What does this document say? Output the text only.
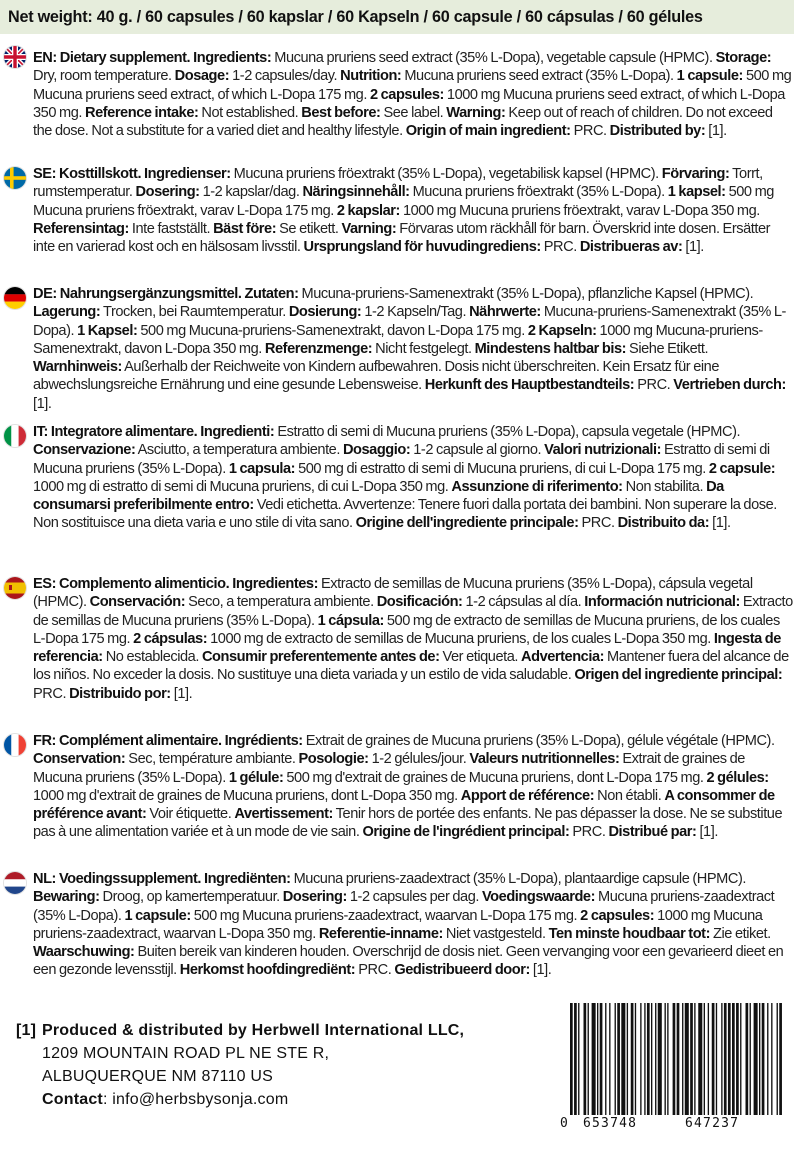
Net weight: 40 g. / 60 capsules / 60 kapslar / 60 Kapseln / 60 capsule / 60 cápsulas / 60 gélules

EN: Dietary supplement. Ingredients: Mucuna pruriens seed extract (35% L-Dopa), vegetable capsule (HPMC). Storage: Dry, room temperature. Dosage: 1-2 capsules/day. Nutrition: Mucuna pruriens seed extract (35% L-Dopa). 1 capsule: 500 mg Mucuna pruriens seed extract, of which L-Dopa 175 mg. 2 capsules: 1000 mg Mucuna pruriens seed extract, of which L-Dopa 350 mg. Reference intake: Not established. Best before: See label. Warning: Keep out of reach of children. Do not exceed the dose. Not a substitute for a varied diet and healthy lifestyle. Origin of main ingredient: PRC. Distributed by: [1].

SE: Kosttillskott. Ingredienser: Mucuna pruriens fröextrakt (35% L-Dopa), vegetabilisk kapsel (HPMC). Förvaring: Torrt, rumstemperatur. Dosering: 1-2 kapslar/dag. Näringsinnehåll: Mucuna pruriens fröextrakt (35% L-Dopa). 1 kapsel: 500 mg Mucuna pruriens fröextrakt, varav L-Dopa 175 mg. 2 kapslar: 1000 mg Mucuna pruriens fröextrakt, varav L-Dopa 350 mg. Referensintag: Inte fastställt. Bäst före: Se etikett. Varning: Förvaras utom räckhåll för barn. Överskrid inte dosen. Ersätter inte en varierad kost och en hälsosam livsstil. Ursprungsland för huvudingrediens: PRC. Distribueras av: [1].

DE: Nahrungsergänzungsmittel. Zutaten: Mucuna-pruriens-Samenextrakt (35% L-Dopa), pflanzliche Kapsel (HPMC). Lagerung: Trocken, bei Raumtemperatur. Dosierung: 1-2 Kapseln/Tag. Nährwerte: Mucuna-pruriens-Samenextrakt (35% L-Dopa). 1 Kapsel: 500 mg Mucuna-pruriens-Samenextrakt, davon L-Dopa 175 mg. 2 Kapseln: 1000 mg Mucuna-pruriens-Samenextrakt, davon L-Dopa 350 mg. Referenzmenge: Nicht festgelegt. Mindestens haltbar bis: Siehe Etikett. Warnhinweis: Außerhalb der Reichweite von Kindern aufbewahren. Dosis nicht überschreiten. Kein Ersatz für eine abwechslungsreiche Ernährung und eine gesunde Lebensweise. Herkunft des Hauptbestandteils: PRC. Vertrieben durch: [1].

IT: Integratore alimentare. Ingredienti: Estratto di semi di Mucuna pruriens (35% L-Dopa), capsula vegetale (HPMC). Conservazione: Asciutto, a temperatura ambiente. Dosaggio: 1-2 capsule al giorno. Valori nutrizionali: Estratto di semi di Mucuna pruriens (35% L-Dopa). 1 capsula: 500 mg di estratto di semi di Mucuna pruriens, di cui L-Dopa 175 mg. 2 capsule: 1000 mg di estratto di semi di Mucuna pruriens, di cui L-Dopa 350 mg. Assunzione di riferimento: Non stabilita. Da consumarsi preferibilmente entro: Vedi etichetta. Avvertenze: Tenere fuori dalla portata dei bambini. Non superare la dose. Non sostituisce una dieta varia e uno stile di vita sano. Origine dell'ingrediente principale: PRC. Distribuito da: [1].

ES: Complemento alimenticio. Ingredientes: Extracto de semillas de Mucuna pruriens (35% L-Dopa), cápsula vegetal (HPMC). Conservación: Seco, a temperatura ambiente. Dosificación: 1-2 cápsulas al día. Información nutricional: Extracto de semillas de Mucuna pruriens (35% L-Dopa). 1 cápsula: 500 mg de extracto de semillas de Mucuna pruriens, de los cuales L-Dopa 175 mg. 2 cápsulas: 1000 mg de extracto de semillas de Mucuna pruriens, de los cuales L-Dopa 350 mg. Ingesta de referencia: No establecida. Consumir preferentemente antes de: Ver etiqueta. Advertencia: Mantener fuera del alcance de los niños. No exceder la dosis. No sustituye una dieta variada y un estilo de vida saludable. Origen del ingrediente principal: PRC. Distribuido por: [1].

FR: Complément alimentaire. Ingrédients: Extrait de graines de Mucuna pruriens (35% L-Dopa), gélule végétale (HPMC). Conservation: Sec, température ambiante. Posologie: 1-2 gélules/jour. Valeurs nutritionnelles: Extrait de graines de Mucuna pruriens (35% L-Dopa). 1 gélule: 500 mg d'extrait de graines de Mucuna pruriens, dont L-Dopa 175 mg. 2 gélules: 1000 mg d'extrait de graines de Mucuna pruriens, dont L-Dopa 350 mg. Apport de référence: Non établi. A consommer de préférence avant: Voir étiquette. Avertissement: Tenir hors de portée des enfants. Ne pas dépasser la dose. Ne se substitue pas à une alimentation variée et à un mode de vie sain. Origine de l'ingrédient principal: PRC. Distribué par: [1].

NL: Voedingssupplement. Ingrediënten: Mucuna pruriens-zaadextract (35% L-Dopa), plantaardige capsule (HPMC). Bewaring: Droog, op kamertemperatuur. Dosering: 1-2 capsules per dag. Voedingswaarde: Mucuna pruriens-zaadextract (35% L-Dopa). 1 capsule: 500 mg Mucuna pruriens-zaadextract, waarvan L-Dopa 175 mg. 2 capsules: 1000 mg Mucuna pruriens-zaadextract, waarvan L-Dopa 350 mg. Referentie-inname: Niet vastgesteld. Ten minste houdbaar tot: Zie etiket. Waarschuwing: Buiten bereik van kinderen houden. Overschrijd de dosis niet. Geen vervanging voor een gevarieerd dieet en een gezonde levensstijl. Herkomst hoofdingrediënt: PRC. Gedistribueerd door: [1].

[1] Produced & distributed by Herbwell International LLC,
1209 MOUNTAIN ROAD PL NE STE R,
ALBUQUERQUE NM 87110 US
Contact: info@herbsbysonja.com
0 653748	647237
